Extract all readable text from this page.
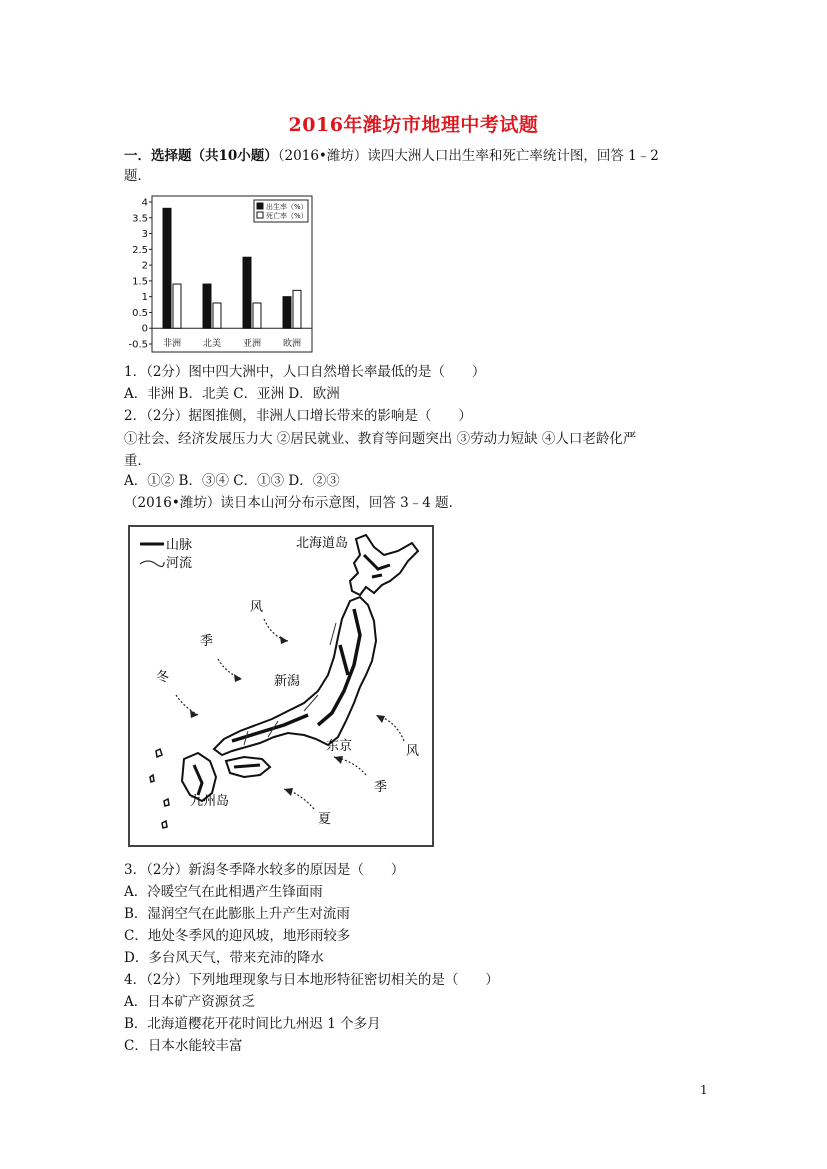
2016年潍坊市地理中考试题
一．选择题（共10小题）（2016•潍坊）读四大洲人口出生率和死亡率统计图，回答 1﹣2
题．
-0.5
0
0.5
1
1.5
2
2.5
3
3.5
4
非洲 北美 亚洲 欧洲
出生率（%）
死亡率（%）
1．（2分）图中四大洲中，人口自然增长率最低的是（　　）
A．非洲 B．北美 C．亚洲 D．欧洲
2．（2分）据图推侧，非洲人口增长带来的影响是（　　）
①社会、经济发展压力大 ②居民就业、教育等问题突出 ③劳动力短缺 ④人口老龄化严
重．
A．①② B．③④ C．①③ D．②③
（2016•潍坊）读日本山河分布示意图，回答 3﹣4 题．
山脉
河流
北海道岛
风
季
冬	新潟
东京	风
季
九州岛
夏
3．（2分）新潟冬季降水较多的原因是（　　）
A．冷暖空气在此相遇产生锋面雨
B．湿润空气在此膨胀上升产生对流雨
C．地处冬季风的迎风坡，地形雨较多
D．多台风天气，带来充沛的降水
4．（2分）下列地理现象与日本地形特征密切相关的是（　　）
A．日本矿产资源贫乏
B．北海道樱花开花时间比九州迟 1 个多月
C．日本水能较丰富
1
